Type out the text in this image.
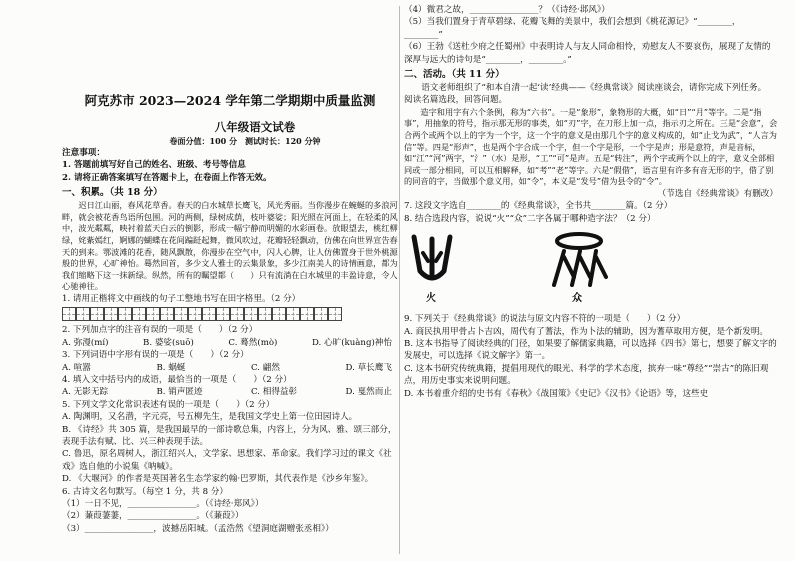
阿克苏市 2023—2024 学年第二学期期中质量监测

八年级语文试卷

卷面分值：100 分　测试时长：120 分钟

注意事项：

1. 答题前填写好自己的姓名、班级、考号等信息

2. 请将正确答案填写在答题卡上，在卷面上作答无效。

一、积累。（共 18 分）

迟日江山丽，春风花草香。春天的白水城草长鹰飞，风光秀丽。当你漫步在蜿蜒的多浪河畔，就会被花香鸟语所包围。河的两侧，绿树成荫，枝叶婆娑；阳光照在河面上，在轻柔的风中，波光粼粼，映衬着蓝天白云的倒影，形成一幅宁静而明媚的水彩画卷。放眼望去，桃红柳绿，姹紫嫣红，婀娜的蝴蝶在花间蹁跹起舞，微风吹过，花瓣轻轻飘动，仿佛在向世界宣告春天的到来。鄂波滩的花香，随风飘散，你漫步在空气中，闪人心脾，让人仿佛置身于世外桃源般的世界，心旷神怡。蓦然回首，多少文人雅士的云集景象，多少江南美人的诗情画意，都为我们缩略下这一抹新绿。纵然，所有的瞩望都（　　）只有流淌在白水城里的丰盈诗意，令人心驰神往。

1. 请用正楷将文中画线的句子工整地书写在田字格里。（2 分）

2. 下列加点字的注音有误的一项是（　　）（2 分）

A. 弥漫(mí)	B. 婆娑(suō)	C. 蓦然(mò)	D. 心旷(kuàng)神怡

3. 下列词语中字形有误的一项是（　　）（2 分）

A. 喧嚣	B. 蜗蜒	C. 翩然	D. 草长鹰飞

4. 填入文中括号内的成语，最恰当的一项是（　　）（2 分）

A. 无影无踪	B. 销声匿迹	C. 相得益彰	D. 戛然而止

5. 下列文学文化常识表述有误的一项是（　　）（2 分）

A. 陶渊明，又名潜，字元亮，号五柳先生，是我国文学史上第一位田园诗人。

B. 《诗经》共 305 篇，是我国最早的一部诗歌总集，内容上，分为风、雅、颂三部分，表现手法有赋、比、兴三种表现手法。

C. 鲁迅，原名周树人，浙江绍兴人，文学家、思想家、革命家。我们学习过的课文《社戏》选自他的小说集《呐喊》。

D. 《大堰河》的作者是英国著名生态学家约翰·巴罗斯，其代表作是《沙乡年鉴》。

6. 古诗文名句默写。（每空 1 分，共 8 分）

（1）一日不见，________________。（《诗经·郑风》）

（2）蒹葭萋萋，________________。（《蒹葭》）

（3）________________，波撼岳阳城。（孟浩然《望洞庭湖赠张丞相》）

（4）微君之故，________________？（《诗经·邶风》）

（5）当我们置身于青草碧绿、花瓣飞舞的美景中，我们会想到《桃花源记》“________，________”

（6）王勃《送杜少府之任蜀州》中表明诗人与友人同命相怜，劝慰友人不要哀伤，展现了友情的深厚与远大的诗句是“________，________。”

二、活动。（共 11 分）

语文老师组织了“和本自清一起‘读’经典——《经典常谈》阅读座谈会，请你完成下列任务。

阅读名篇选段，回答问题。

造字和用字有六个条例，称为“六书”。一是“象形”，象物形的大概，如“日”“月”等字。二是“指事”，用抽象的符号，指示那无形的事类，如“刃”字，在刀形上加一点，指示刃之所在。三是“会意”，会合两个或两个以上的字为一个字，这一个字的意义是由那几个字的意义构成的，如“止戈为武”，“人言为信”等。四是“形声”，也是两个字合成一个字，但一个字是形，一个字是声；形是意符，声是音标，如“江”“河”两字，“氵”（水）是形，“工”“可”是声。五是“转注”，两个字或两个以上的字，意义全部相同或一部分相同，可以互相解释，如“考”“老”等字。六是“假借”，语言里有许多有音无形的字，借了别的同音的字，当做那个意义用，如“令”，本义是“发号”借为县令的“令”。

（节选自《经典常谈》有删改）

7. 这段文字选自________的《经典常谈》，全书共________篇。（2 分）

8. 结合选段内容，说说“火”“众”二字各属于哪种造字法？（2 分）

火	众

9. 下列关于《经典常谈》的说法与原文内容不符的一项是（　　）（2 分）

A. 商民执用甲骨占卜吉凶，周代有了蓍法，作为卜法的辅助，因为蓍草取用方便，是个新发明。

B. 这本书指导了阅读经典的门径，如果要了解儒家典籍，可以选择《四书》第七，想要了解文字的发展史，可以选择《说文解字》第一。

C. 这本书研究传统典籍，提倡用现代的眼光、科学的学术态度，摈弃一味“尊经”“崇古”的陈旧观点，用历史事实来说明问题。

D. 本书着重介绍的史书有《春秋》《战国策》《史记》《汉书》《论语》等，这些史
